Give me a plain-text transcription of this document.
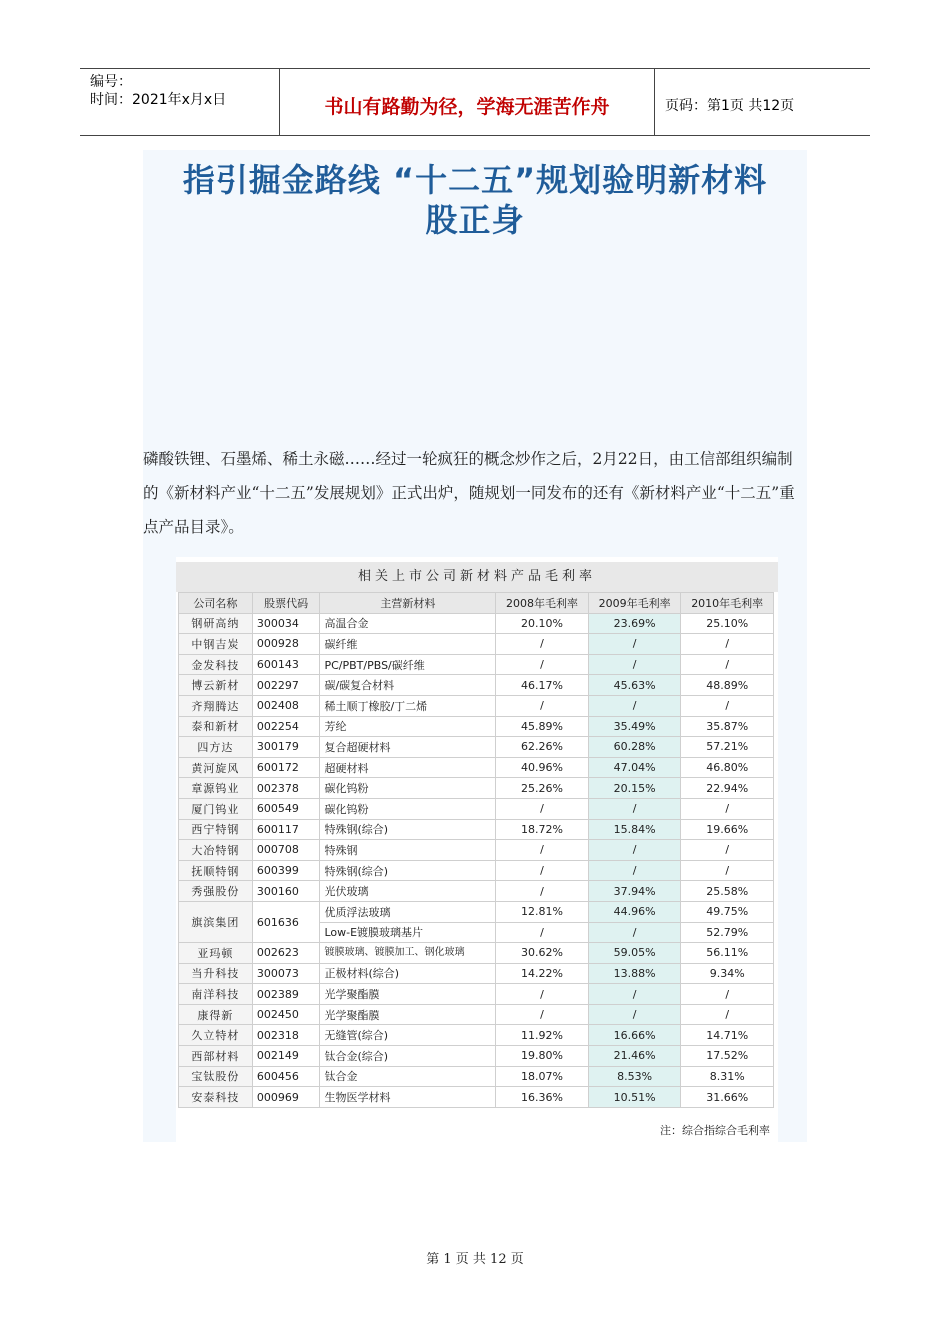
编号：
时间：2021年x月x日	书山有路勤为径，学海无涯苦作舟	页码：第1页 共12页
指引掘金路线 “十二五”规划验明新材料
股正身
磷酸铁锂、石墨烯、稀土永磁……经过一轮疯狂的概念炒作之后，2月22日，由工信部组织编制的《新材料产业“十二五”发展规划》正式出炉，随规划一同发布的还有《新材料产业“十二五”重点产品目录》。
相关上市公司新材料产品毛利率
公司名称	股票代码	主营新材料	2008年毛利率	2009年毛利率	2010年毛利率
钢研高纳	300034	高温合金	20.10%	23.69%	25.10%
中钢吉炭	000928	碳纤维	/	/	/
金发科技	600143	PC/PBT/PBS/碳纤维	/	/	/
博云新材	002297	碳/碳复合材料	46.17%	45.63%	48.89%
齐翔腾达	002408	稀土顺丁橡胶/丁二烯	/	/	/
泰和新材	002254	芳纶	45.89%	35.49%	35.87%
四方达	300179	复合超硬材料	62.26%	60.28%	57.21%
黄河旋风	600172	超硬材料	40.96%	47.04%	46.80%
章源钨业	002378	碳化钨粉	25.26%	20.15%	22.94%
厦门钨业	600549	碳化钨粉	/	/	/
西宁特钢	600117	特殊钢(综合)	18.72%	15.84%	19.66%
大冶特钢	000708	特殊钢	/	/	/
抚顺特钢	600399	特殊钢(综合)	/	/	/
秀强股份	300160	光伏玻璃	/	37.94%	25.58%
旗滨集团	601636	优质浮法玻璃	12.81%	44.96%	49.75%
		Low-E镀膜玻璃基片	/	/	52.79%
亚玛顿	002623	镀膜玻璃、镀膜加工、钢化玻璃	30.62%	59.05%	56.11%
当升科技	300073	正极材料(综合)	14.22%	13.88%	9.34%
南洋科技	002389	光学聚酯膜	/	/	/
康得新	002450	光学聚酯膜	/	/	/
久立特材	002318	无缝管(综合)	11.92%	16.66%	14.71%
西部材料	002149	钛合金(综合)	19.80%	21.46%	17.52%
宝钛股份	600456	钛合金	18.07%	8.53%	8.31%
安泰科技	000969	生物医学材料	16.36%	10.51%	31.66%
注：综合指综合毛利率
第 1 页 共 12 页
